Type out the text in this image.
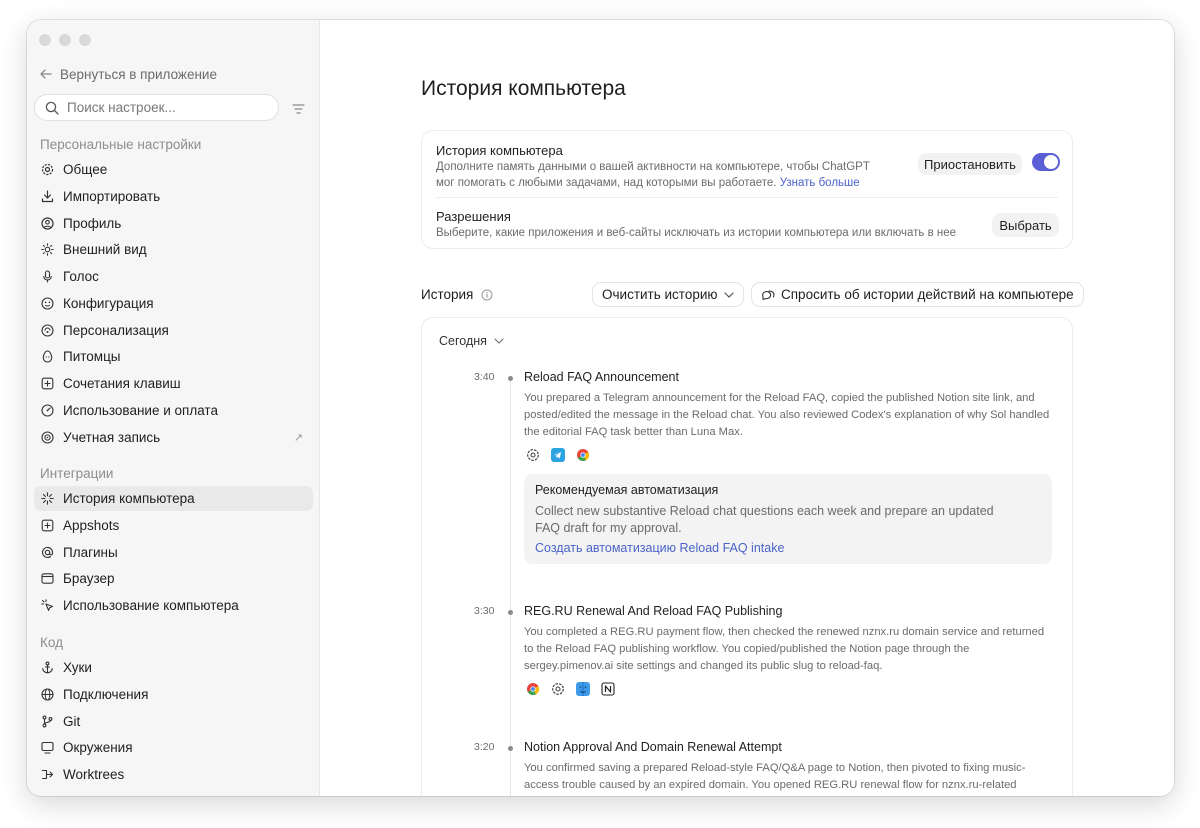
Вернуться в приложение
Поиск настроек...
Персональные настройки
Общее
Импортировать
Профиль
Внешний вид
Голос
Конфигурация
Персонализация
Питомцы
Сочетания клавиш
Использование и оплата
Учетная запись	↗
Интеграции
История компьютера
Appshots
Плагины
Браузер
Использование компьютера
Код
Хуки
Подключения
Git
Окружения
Worktrees
История компьютера
История компьютера
Дополните память данными о вашей активности на компьютере, чтобы ChatGPT
мог помогать с любыми задачами, над которыми вы работаете. Узнать больше
Приостановить
Разрешения
Выберите, какие приложения и веб-сайты исключать из истории компьютера или включать в нее
Выбрать
История	Очистить историю	Спросить об истории действий на компьютере
Сегодня
3:40 Reload FAQ Announcement
You prepared a Telegram announcement for the Reload FAQ, copied the published Notion site link, and posted/edited the message in the Reload chat. You also reviewed Codex's explanation of why Sol handled the editorial FAQ task better than Luna Max.
Рекомендуемая автоматизация
Collect new substantive Reload chat questions each week and prepare an updated FAQ draft for my approval.
Создать автоматизацию Reload FAQ intake
3:30 REG.RU Renewal And Reload FAQ Publishing
You completed a REG.RU payment flow, then checked the renewed nznx.ru domain service and returned to the Reload FAQ publishing workflow. You copied/published the Notion page through the sergey.pimenov.ai site settings and changed its public slug to reload-faq.
3:20 Notion Approval And Domain Renewal Attempt
You confirmed saving a prepared Reload-style FAQ/Q&A page to Notion, then pivoted to fixing music-access trouble caused by an expired domain. You opened REG.RU renewal flow for nznx.ru-related
